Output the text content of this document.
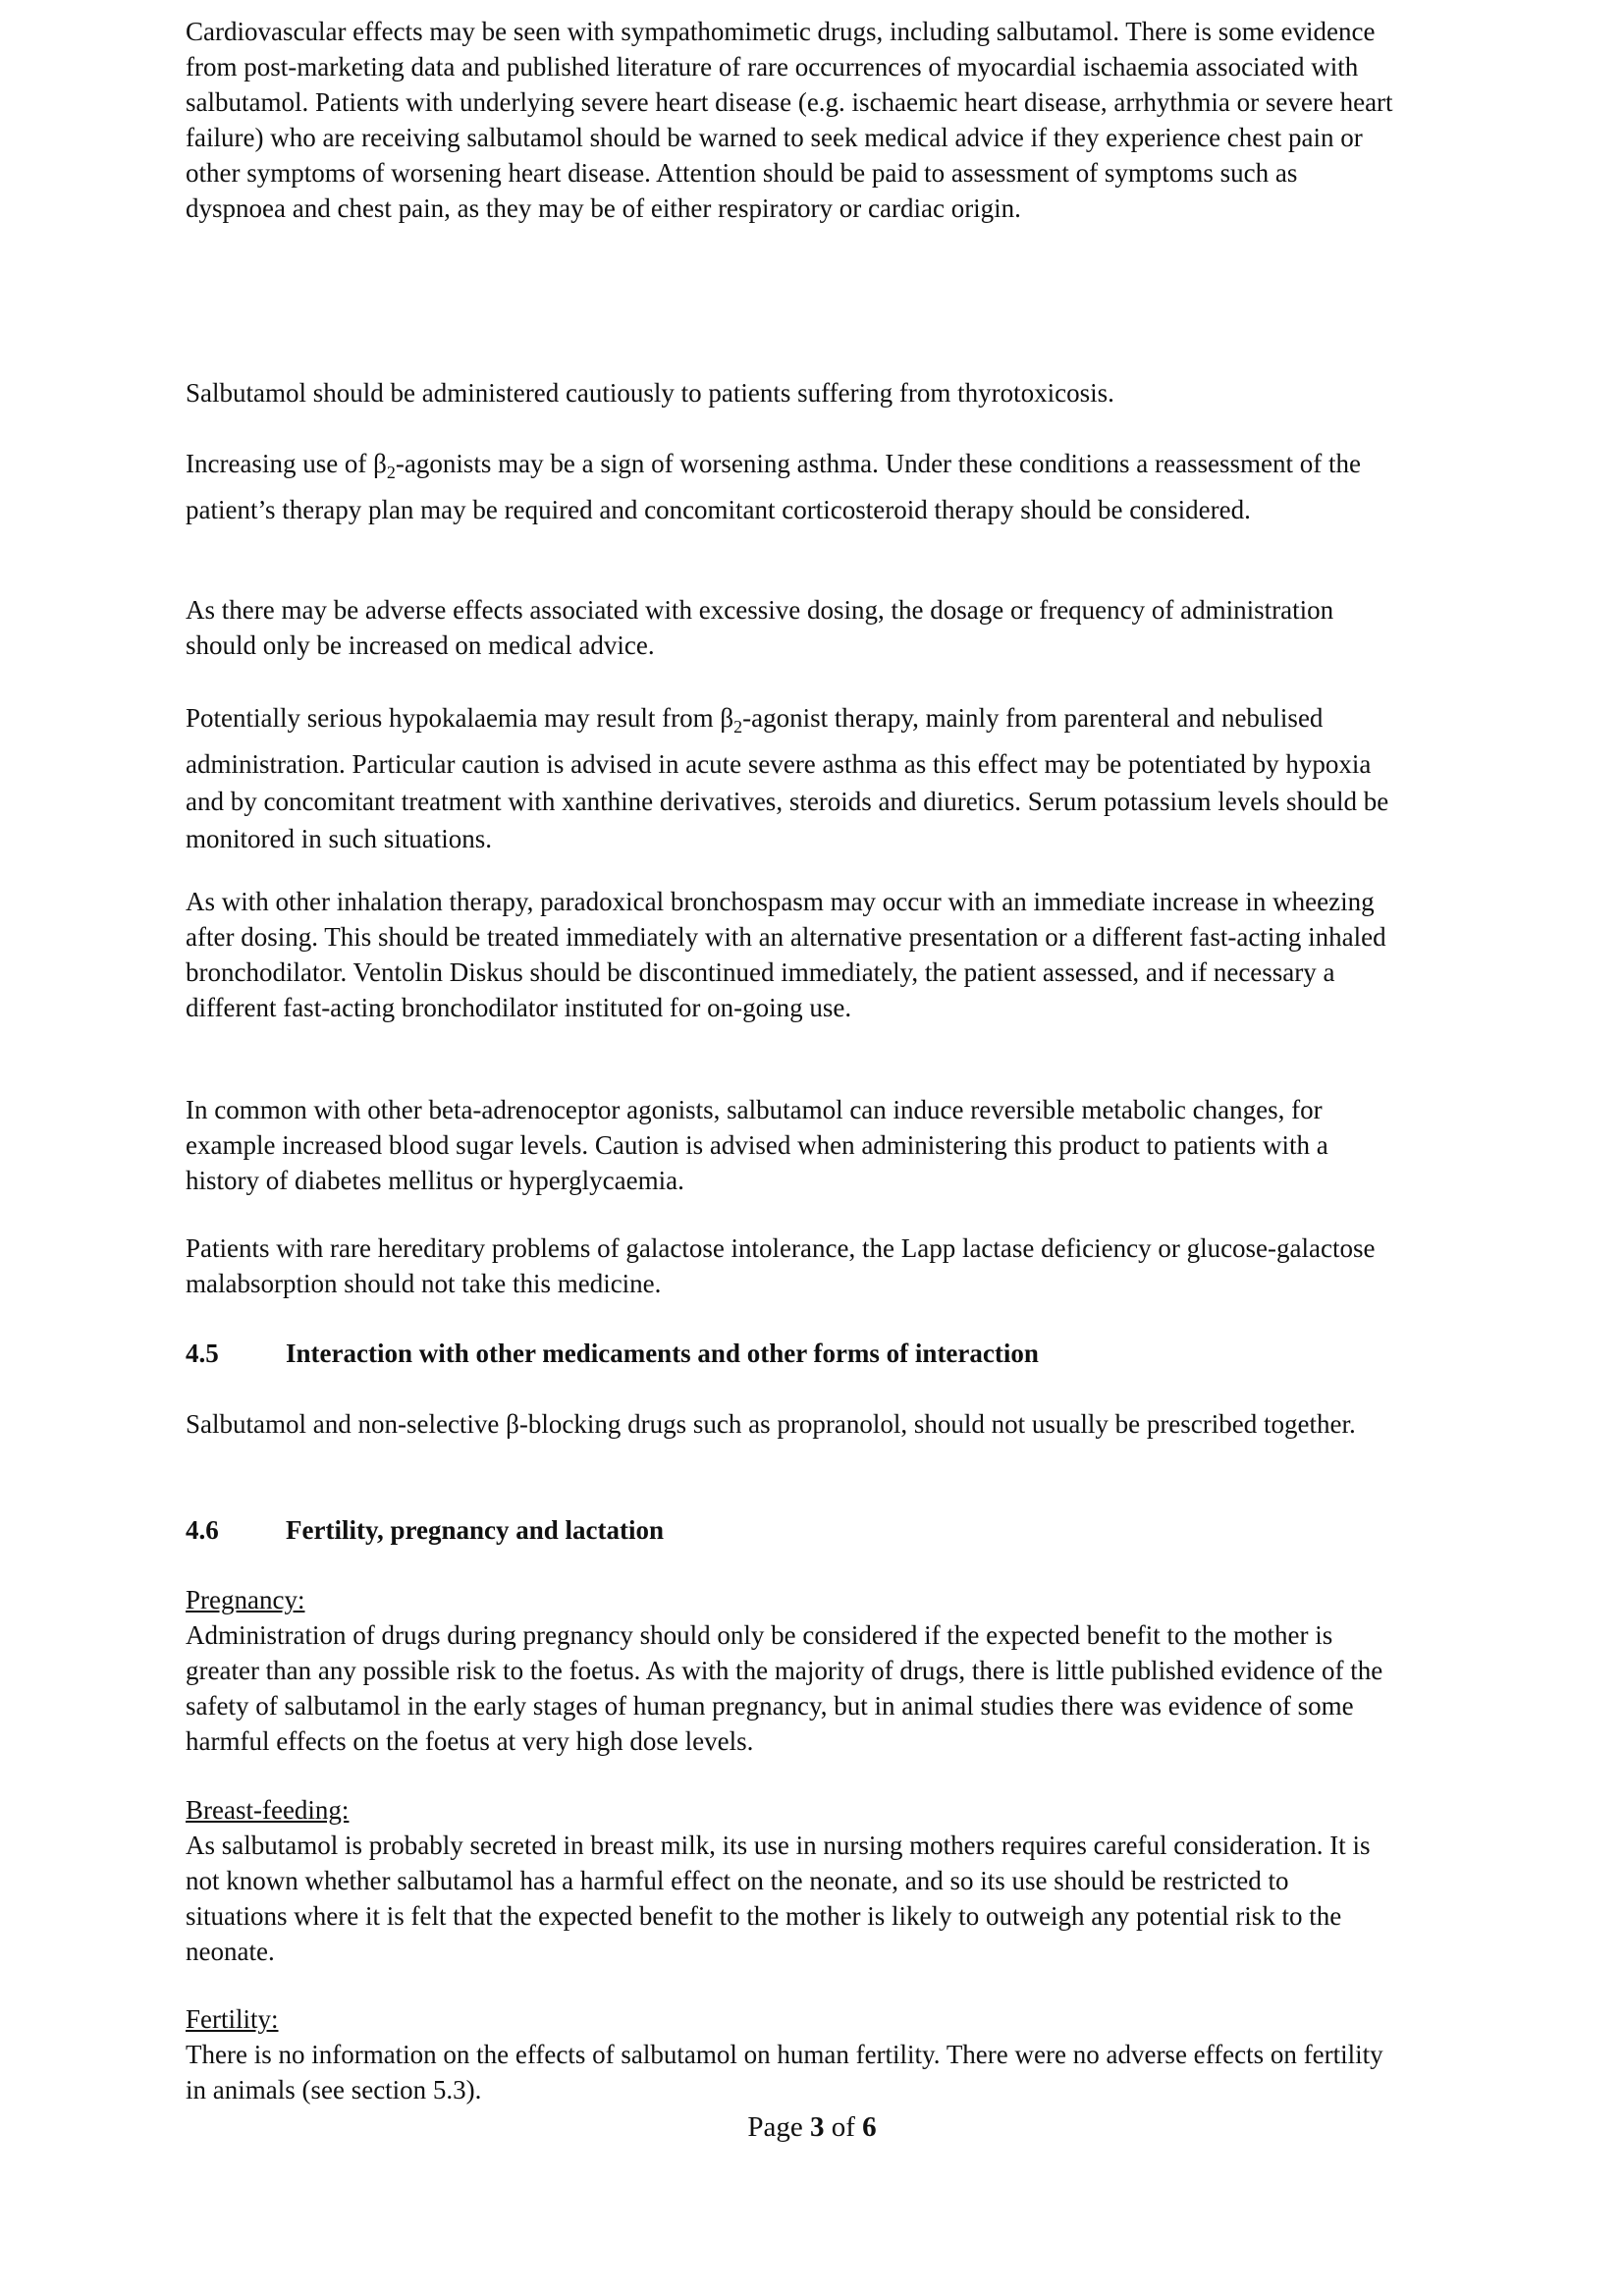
Cardiovascular effects may be seen with sympathomimetic drugs, including salbutamol. There is some evidence from post-marketing data and published literature of rare occurrences of myocardial ischaemia associated with salbutamol. Patients with underlying severe heart disease (e.g. ischaemic heart disease, arrhythmia or severe heart failure) who are receiving salbutamol should be warned to seek medical advice if they experience chest pain or other symptoms of worsening heart disease. Attention should be paid to assessment of symptoms such as dyspnoea and chest pain, as they may be of either respiratory or cardiac origin.

Salbutamol should be administered cautiously to patients suffering from thyrotoxicosis.

Increasing use of $\beta_2$-agonists may be a sign of worsening asthma. Under these conditions a reassessment of the patient’s therapy plan may be required and concomitant corticosteroid therapy should be considered.

As there may be adverse effects associated with excessive dosing, the dosage or frequency of administration should only be increased on medical advice.

Potentially serious hypokalaemia may result from $\beta_2$-agonist therapy, mainly from parenteral and nebulised administration. Particular caution is advised in acute severe asthma as this effect may be potentiated by hypoxia and by concomitant treatment with xanthine derivatives, steroids and diuretics. Serum potassium levels should be monitored in such situations.

As with other inhalation therapy, paradoxical bronchospasm may occur with an immediate increase in wheezing after dosing. This should be treated immediately with an alternative presentation or a different fast-acting inhaled bronchodilator. Ventolin Diskus should be discontinued immediately, the patient assessed, and if necessary a different fast-acting bronchodilator instituted for on-going use.

In common with other beta-adrenoceptor agonists, salbutamol can induce reversible metabolic changes, for example increased blood sugar levels. Caution is advised when administering this product to patients with a history of diabetes mellitus or hyperglycaemia.

Patients with rare hereditary problems of galactose intolerance, the Lapp lactase deficiency or glucose-galactose malabsorption should not take this medicine.

4.5	Interaction with other medicaments and other forms of interaction

Salbutamol and non-selective β-blocking drugs such as propranolol, should not usually be prescribed together.

4.6	Fertility, pregnancy and lactation
Pregnancy:
Administration of drugs during pregnancy should only be considered if the expected benefit to the mother is greater than any possible risk to the foetus. As with the majority of drugs, there is little published evidence of the safety of salbutamol in the early stages of human pregnancy, but in animal studies there was evidence of some harmful effects on the foetus at very high dose levels.
Breast-feeding:
As salbutamol is probably secreted in breast milk, its use in nursing mothers requires careful consideration. It is not known whether salbutamol has a harmful effect on the neonate, and so its use should be restricted to situations where it is felt that the expected benefit to the mother is likely to outweigh any potential risk to the neonate.
Fertility:
There is no information on the effects of salbutamol on human fertility. There were no adverse effects on fertility in animals (see section 5.3).
Page 3 of 6
